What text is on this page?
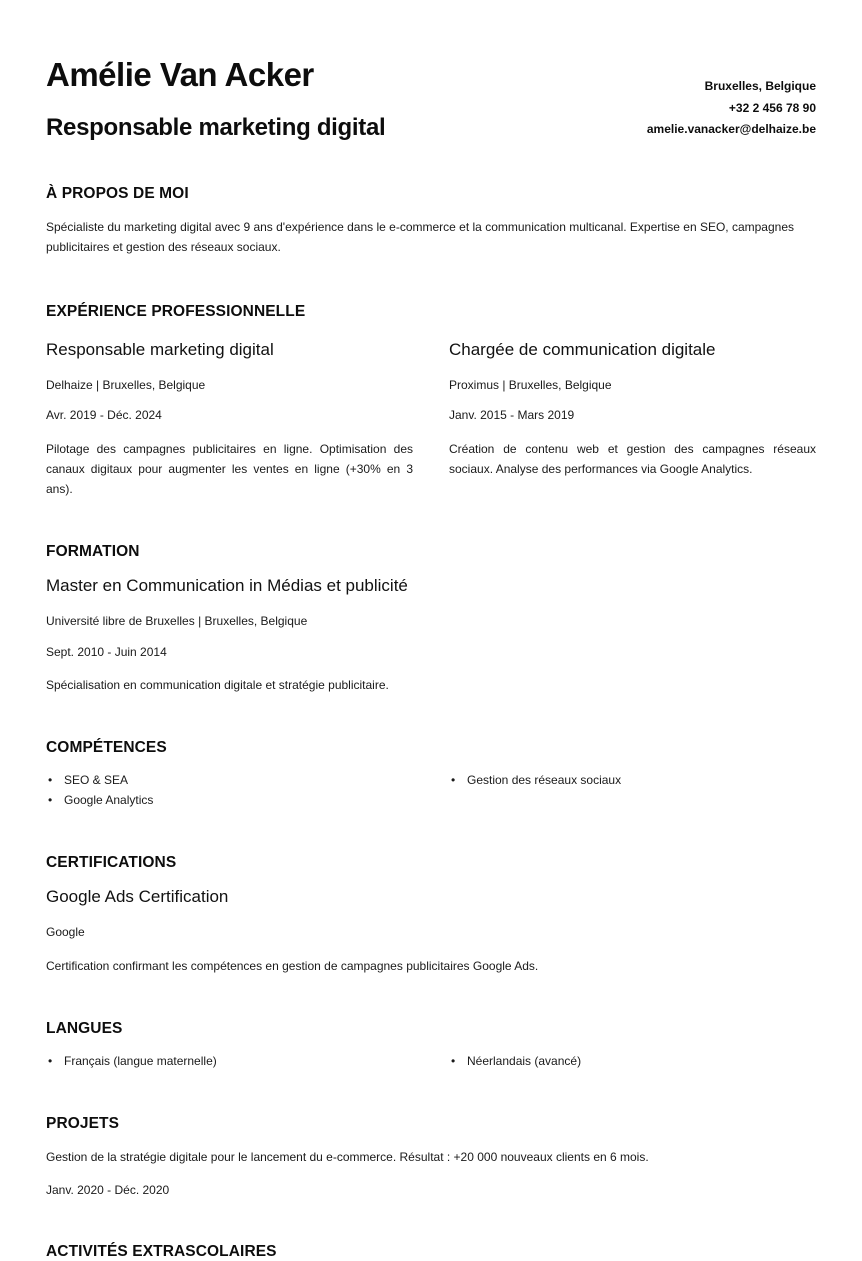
Amélie Van Acker
Responsable marketing digital
Bruxelles, Belgique
+32 2 456 78 90
amelie.vanacker@delhaize.be
À PROPOS DE MOI

Spécialiste du marketing digital avec 9 ans d'expérience dans le e-commerce et la communication multicanal. Expertise en SEO, campagnes publicitaires et gestion des réseaux sociaux.

EXPÉRIENCE PROFESSIONNELLE
Responsable marketing digital
Delhaize | Bruxelles, Belgique
Avr. 2019 - Déc. 2024

Pilotage des campagnes publicitaires en ligne. Optimisation des canaux digitaux pour augmenter les ventes en ligne (+30% en 3 ans).

Chargée de communication digitale
Proximus | Bruxelles, Belgique
Janv. 2015 - Mars 2019

Création de contenu web et gestion des campagnes réseaux sociaux. Analyse des performances via Google Analytics.

FORMATION
Master en Communication in Médias et publicité
Université libre de Bruxelles | Bruxelles, Belgique
Sept. 2010 - Juin 2014

Spécialisation en communication digitale et stratégie publicitaire.

COMPÉTENCES
• SEO & SEA
• Google Analytics
• Gestion des réseaux sociaux
CERTIFICATIONS
Google Ads Certification
Google

Certification confirmant les compétences en gestion de campagnes publicitaires Google Ads.

LANGUES
• Français (langue maternelle)	• Néerlandais (avancé)
PROJETS

Gestion de la stratégie digitale pour le lancement du e-commerce. Résultat : +20 000 nouveaux clients en 6 mois.

Janv. 2020 - Déc. 2020
ACTIVITÉS EXTRASCOLAIRES
